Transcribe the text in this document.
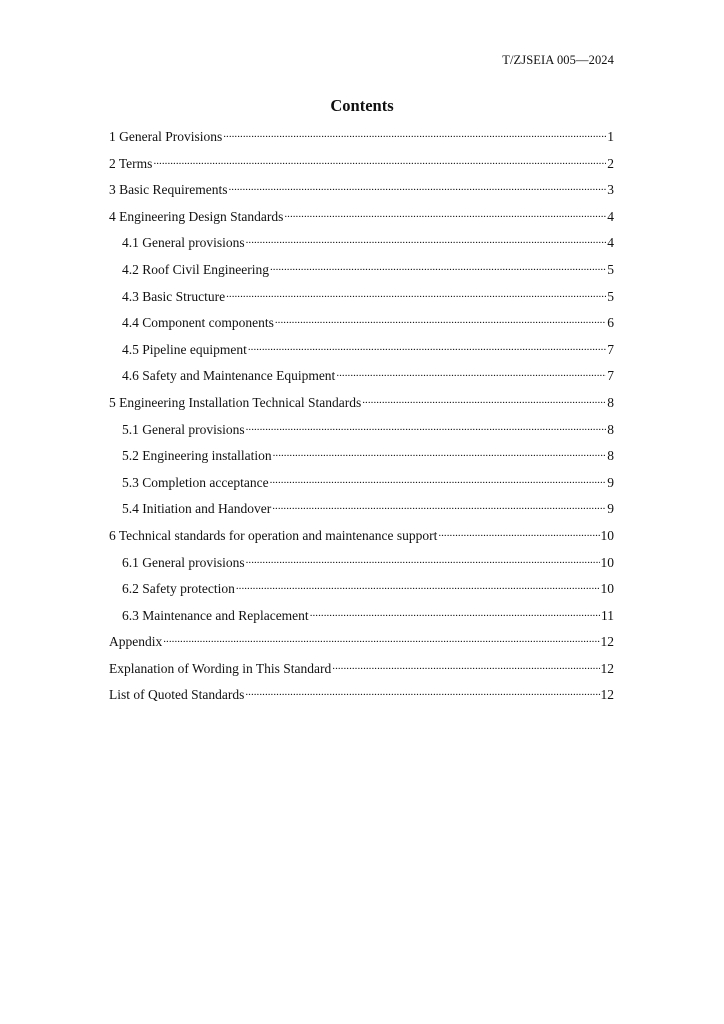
T/ZJSEIA 005—2024
Contents
1 General Provisions . . .	1
2 Terms . . .	2
3 Basic Requirements . . .	3
4 Engineering Design Standards . . .	4
4.1 General provisions . . .	4
4.2 Roof Civil Engineering . . .	5
4.3 Basic Structure . . .	5
4.4 Component components . . .	6
4.5 Pipeline equipment . . .	7
4.6 Safety and Maintenance Equipment . . .	7
5 Engineering Installation Technical Standards . . .	8
5.1 General provisions . . .	8
5.2 Engineering installation . . .	8
5.3 Completion acceptance . . .	9
5.4 Initiation and Handover . . .	9
6 Technical standards for operation and maintenance support . . .	10
6.1 General provisions . . .	10
6.2 Safety protection . . .	10
6.3 Maintenance and Replacement . . .	11
Appendix . . .	12
Explanation of Wording in This Standard . . .	12
List of Quoted Standards . . .	12
